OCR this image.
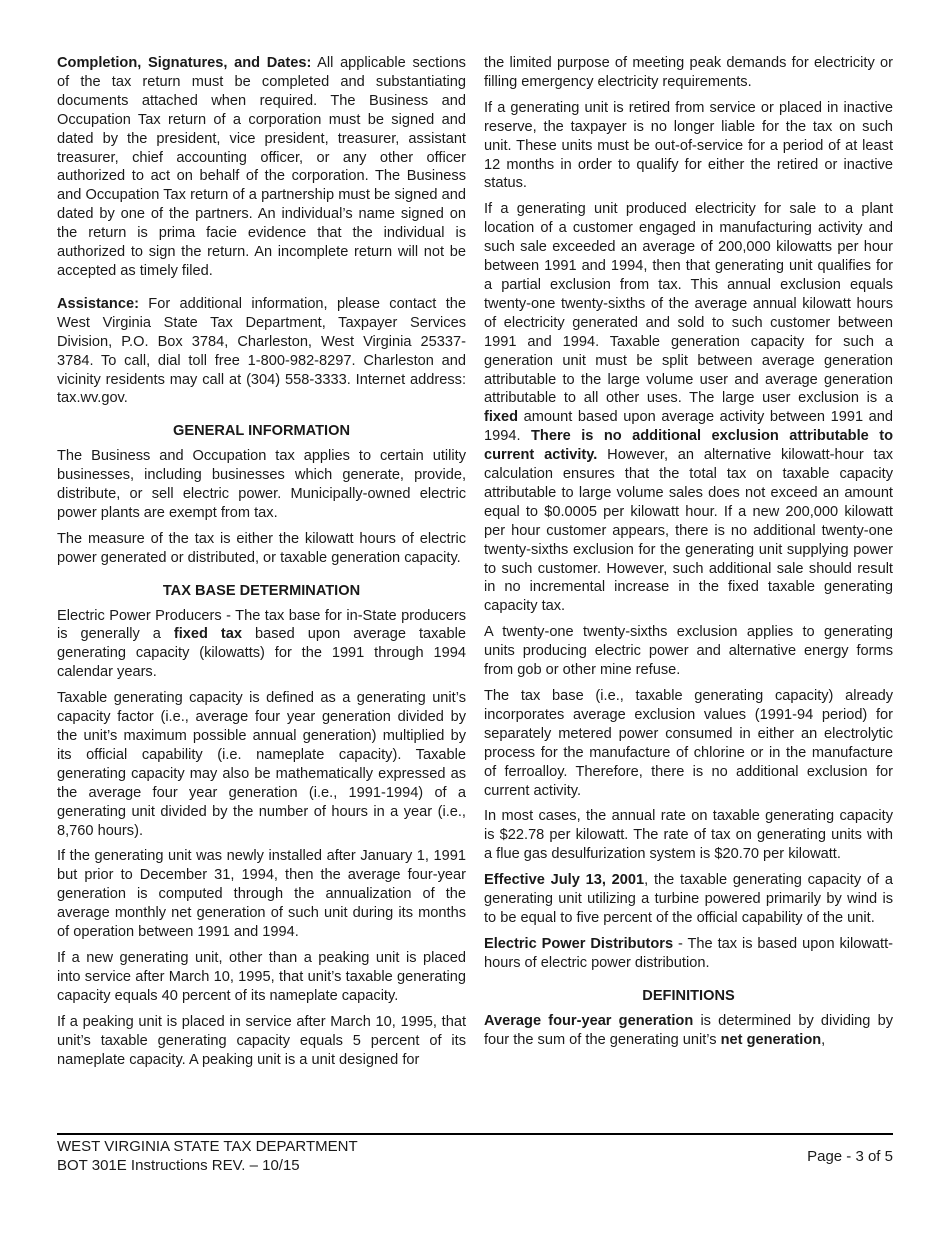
Completion, Signatures, and Dates: All applicable sections of the tax return must be completed and substantiating documents attached when required. The Business and Occupation Tax return of a corporation must be signed and dated by the president, vice president, treasurer, assistant treasurer, chief accounting officer, or any other officer authorized to act on behalf of the corporation. The Business and Occupation Tax return of a partnership must be signed and dated by one of the partners. An individual’s name signed on the return is prima facie evidence that the individual is authorized to sign the return. An incomplete return will not be accepted as timely filed.

Assistance: For additional information, please contact the West Virginia State Tax Department, Taxpayer Services Division, P.O. Box 3784, Charleston, West Virginia 25337-3784. To call, dial toll free 1-800-982-8297. Charleston and vicinity residents may call at (304) 558-3333. Internet address: tax.wv.gov.

GENERAL INFORMATION

The Business and Occupation tax applies to certain utility businesses, including businesses which generate, provide, distribute, or sell electric power. Municipally-owned electric power plants are exempt from tax.

The measure of the tax is either the kilowatt hours of electric power generated or distributed, or taxable generation capacity.

TAX BASE DETERMINATION

Electric Power Producers - The tax base for in-State producers is generally a fixed tax based upon average taxable generating capacity (kilowatts) for the 1991 through 1994 calendar years.

Taxable generating capacity is defined as a generating unit’s capacity factor (i.e., average four year generation divided by the unit’s maximum possible annual generation) multiplied by its official capability (i.e. nameplate capacity). Taxable generating capacity may also be mathematically expressed as the average four year generation (i.e., 1991-1994) of a generating unit divided by the number of hours in a year (i.e., 8,760 hours).

If the generating unit was newly installed after January 1, 1991 but prior to December 31, 1994, then the average four-year generation is computed through the annualization of the average monthly net generation of such unit during its months of operation between 1991 and 1994.

If a new generating unit, other than a peaking unit is placed into service after March 10, 1995, that unit’s taxable generating capacity equals 40 percent of its nameplate capacity.

If a peaking unit is placed in service after March 10, 1995, that unit’s taxable generating capacity equals 5 percent of its nameplate capacity. A peaking unit is a unit designed for

the limited purpose of meeting peak demands for electricity or filling emergency electricity requirements.

If a generating unit is retired from service or placed in inactive reserve, the taxpayer is no longer liable for the tax on such unit. These units must be out-of-service for a period of at least 12 months in order to qualify for either the retired or inactive status.

If a generating unit produced electricity for sale to a plant location of a customer engaged in manufacturing activity and such sale exceeded an average of 200,000 kilowatts per hour between 1991 and 1994, then that generating unit qualifies for a partial exclusion from tax. This annual exclusion equals twenty-one twenty-sixths of the average annual kilowatt hours of electricity generated and sold to such customer between 1991 and 1994. Taxable generation capacity for such a generation unit must be split between average generation attributable to the large volume user and average generation attributable to all other uses. The large user exclusion is a fixed amount based upon average activity between 1991 and 1994. There is no additional exclusion attributable to current activity. However, an alternative kilowatt-hour tax calculation ensures that the total tax on taxable capacity attributable to large volume sales does not exceed an amount equal to $0.0005 per kilowatt hour. If a new 200,000 kilowatt per hour customer appears, there is no additional twenty-one twenty-sixths exclusion for the generating unit supplying power to such customer. However, such additional sale should result in no incremental increase in the fixed taxable generating capacity tax.

A twenty-one twenty-sixths exclusion applies to generating units producing electric power and alternative energy forms from gob or other mine refuse.

The tax base (i.e., taxable generating capacity) already incorporates average exclusion values (1991-94 period) for separately metered power consumed in either an electrolytic process for the manufacture of chlorine or in the manufacture of ferroalloy. Therefore, there is no additional exclusion for current activity.

In most cases, the annual rate on taxable generating capacity is $22.78 per kilowatt. The rate of tax on generating units with a flue gas desulfurization system is $20.70 per kilowatt.

Effective July 13, 2001, the taxable generating capacity of a generating unit utilizing a turbine powered primarily by wind is to be equal to five percent of the official capability of the unit.

Electric Power Distributors - The tax is based upon kilowatt-hours of electric power distribution.

DEFINITIONS

Average four-year generation is determined by dividing by four the sum of the generating unit’s net generation,

WEST VIRGINIA STATE TAX DEPARTMENT
BOT 301E Instructions REV. – 10/15
Page - 3 of 5
